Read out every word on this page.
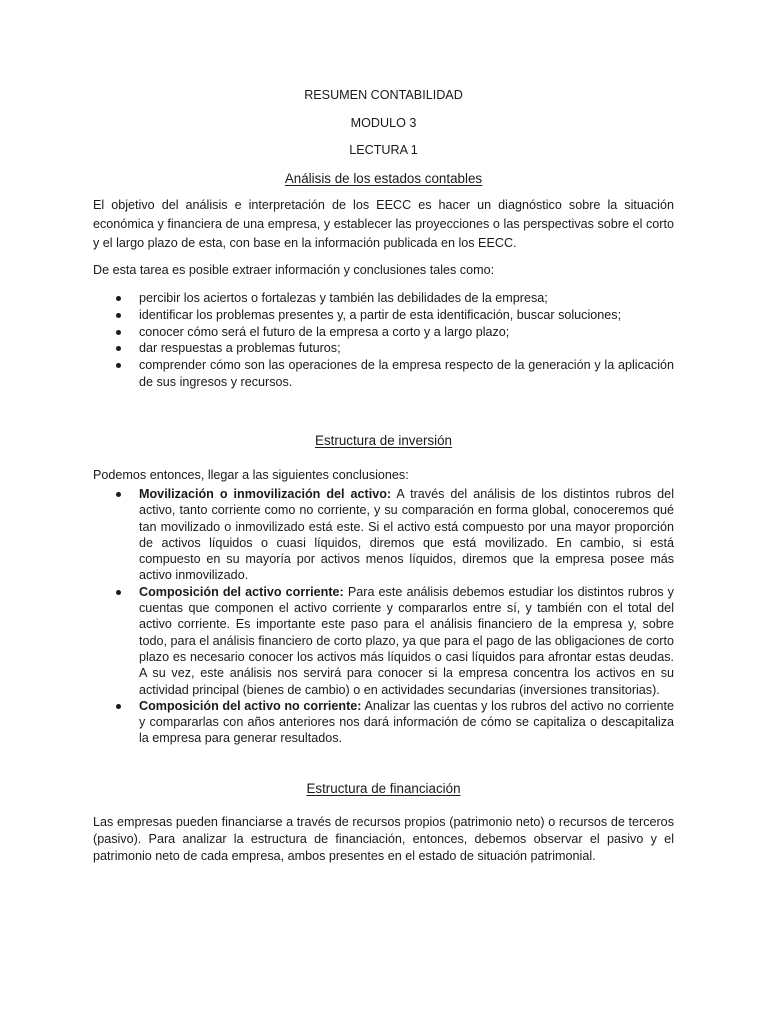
RESUMEN CONTABILIDAD
MODULO 3
LECTURA 1
Análisis de los estados contables

El objetivo del análisis e interpretación de los EECC es hacer un diagnóstico sobre la situación económica y financiera de una empresa, y establecer las proyecciones o las perspectivas sobre el corto y el largo plazo de esta, con base en la información publicada en los EECC.

De esta tarea es posible extraer información y conclusiones tales como:

percibir los aciertos o fortalezas y también las debilidades de la empresa;
identificar los problemas presentes y, a partir de esta identificación, buscar soluciones;
conocer cómo será el futuro de la empresa a corto y a largo plazo;
dar respuestas a problemas futuros;
comprender cómo son las operaciones de la empresa respecto de la generación y la aplicación de sus ingresos y recursos.
Estructura de inversión

Podemos entonces, llegar a las siguientes conclusiones:

Movilización o inmovilización del activo: A través del análisis de los distintos rubros del activo, tanto corriente como no corriente, y su comparación en forma global, conoceremos qué tan movilizado o inmovilizado está este. Si el activo está compuesto por una mayor proporción de activos líquidos o cuasi líquidos, diremos que está movilizado. En cambio, si está compuesto en su mayoría por activos menos líquidos, diremos que la empresa posee más activo inmovilizado.
Composición del activo corriente: Para este análisis debemos estudiar los distintos rubros y cuentas que componen el activo corriente y compararlos entre sí, y también con el total del activo corriente. Es importante este paso para el análisis financiero de la empresa y, sobre todo, para el análisis financiero de corto plazo, ya que para el pago de las obligaciones de corto plazo es necesario conocer los activos más líquidos o casi líquidos para afrontar estas deudas. A su vez, este análisis nos servirá para conocer si la empresa concentra los activos en su actividad principal (bienes de cambio) o en actividades secundarias (inversiones transitorias).
Composición del activo no corriente: Analizar las cuentas y los rubros del activo no corriente y compararlas con años anteriores nos dará información de cómo se capitaliza o descapitaliza la empresa para generar resultados.
Estructura de financiación

Las empresas pueden financiarse a través de recursos propios (patrimonio neto) o recursos de terceros (pasivo). Para analizar la estructura de financiación, entonces, debemos observar el pasivo y el patrimonio neto de cada empresa, ambos presentes en el estado de situación patrimonial.
